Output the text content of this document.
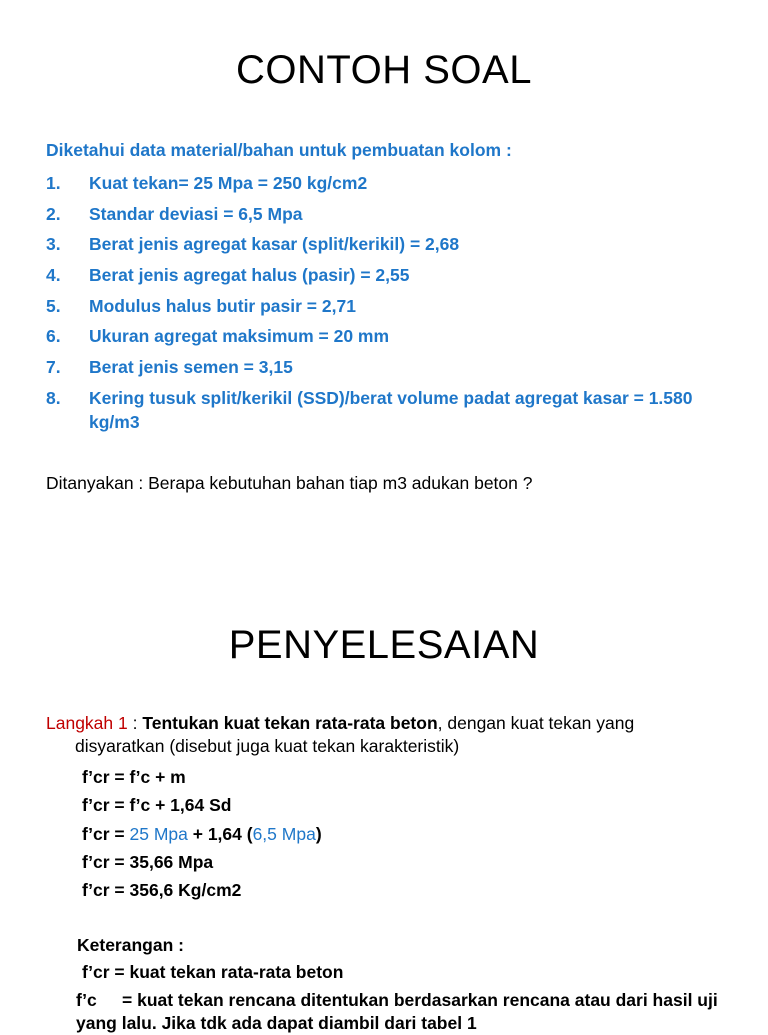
CONTOH SOAL
Diketahui data material/bahan untuk pembuatan kolom :
1. Kuat tekan= 25 Mpa = 250 kg/cm2
2. Standar deviasi = 6,5 Mpa
3. Berat jenis agregat kasar (split/kerikil) = 2,68
4. Berat jenis agregat halus (pasir) = 2,55
5. Modulus halus butir pasir = 2,71
6. Ukuran agregat maksimum = 20 mm
7. Berat jenis semen = 3,15
8. Kering tusuk split/kerikil (SSD)/berat volume padat agregat kasar = 1.580 kg/m3
Ditanyakan : Berapa kebutuhan bahan tiap m3 adukan beton ?
PENYELESAIAN
Langkah 1 : Tentukan kuat tekan rata-rata beton, dengan kuat tekan yang
disyaratkan (disebut juga kuat tekan karakteristik)
f’cr = f’c + m
f’cr = f’c + 1,64 Sd
f’cr = 25 Mpa + 1,64 (6,5 Mpa)
f’cr = 35,66 Mpa
f’cr = 356,6 Kg/cm2
Keterangan :
f’cr = kuat tekan rata-rata beton
f’c = kuat tekan rencana ditentukan berdasarkan rencana atau dari hasil uji yang lalu. Jika tdk ada dapat diambil dari tabel 1
